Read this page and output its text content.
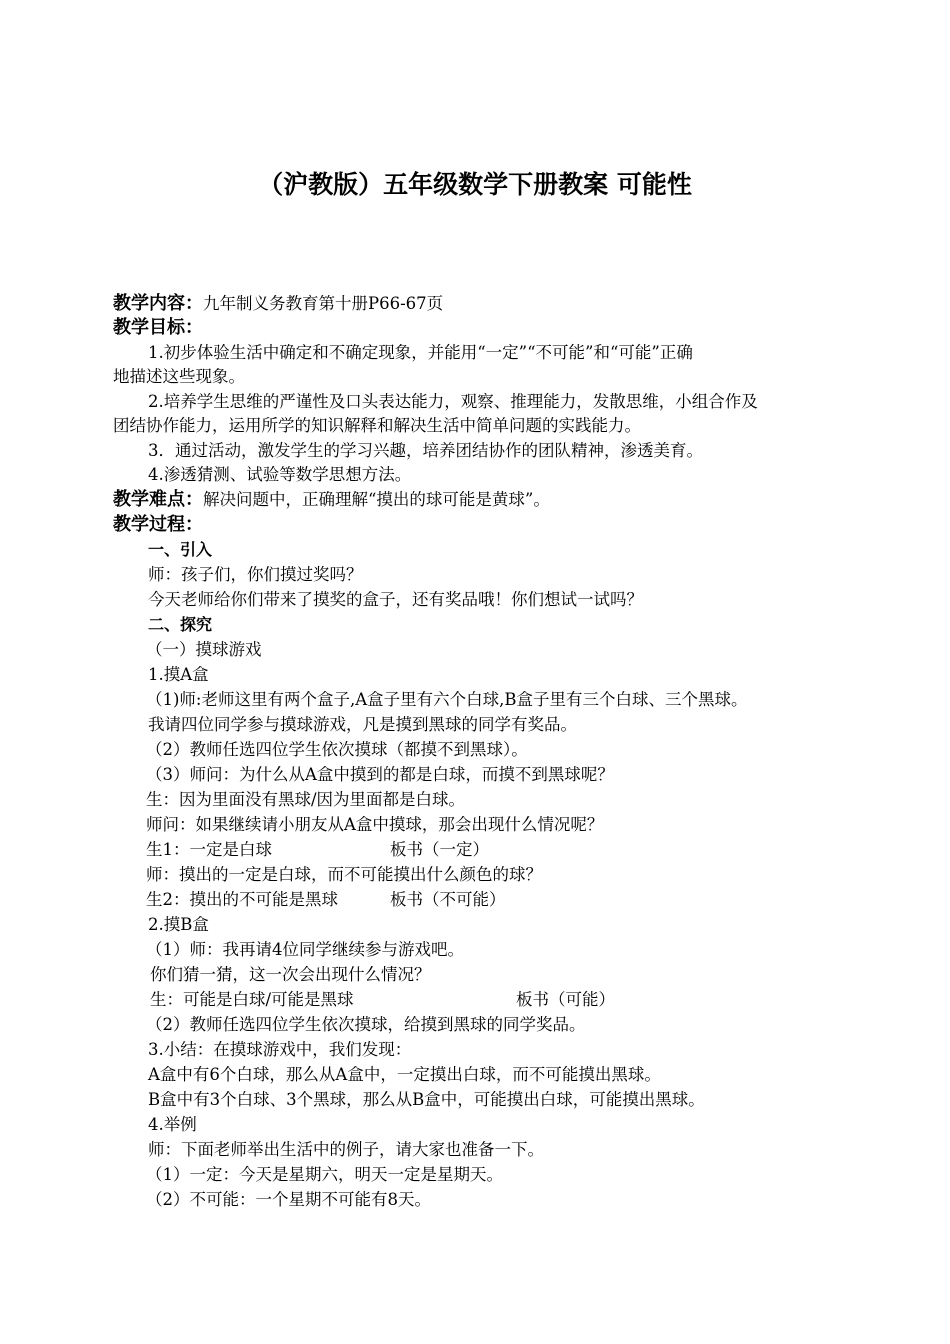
（沪教版）五年级数学下册教案 可能性
教学内容：九年制义务教育第十册P66-67页
教学目标：
1.初步体验生活中确定和不确定现象，并能用“一定”“不可能”和“可能”正确
地描述这些现象。
2.培养学生思维的严谨性及口头表达能力，观察、推理能力，发散思维，小组合作及
团结协作能力，运用所学的知识解释和解决生活中简单问题的实践能力。
3．通过活动，激发学生的学习兴趣，培养团结协作的团队精神，渗透美育。
4.渗透猜测、试验等数学思想方法。
教学难点：解决问题中，正确理解“摸出的球可能是黄球”。
教学过程：
一、引入
师：孩子们，你们摸过奖吗？
今天老师给你们带来了摸奖的盒子，还有奖品哦！你们想试一试吗？
二、探究
（一）摸球游戏
1.摸A盒
（1)师:老师这里有两个盒子,A盒子里有六个白球,B盒子里有三个白球、三个黑球。
我请四位同学参与摸球游戏，凡是摸到黑球的同学有奖品。
（2）教师任选四位学生依次摸球（都摸不到黑球）。
（3）师问：为什么从A盒中摸到的都是白球，而摸不到黑球呢？
生：因为里面没有黑球/因为里面都是白球。
师问：如果继续请小朋友从A盒中摸球，那会出现什么情况呢？
生1：一定是白球	板书（一定）
师：摸出的一定是白球，而不可能摸出什么颜色的球？
生2：摸出的不可能是黑球	板书（不可能）
2.摸B盒
（1）师：我再请4位同学继续参与游戏吧。
你们猜一猜，这一次会出现什么情况？
生：可能是白球/可能是黑球	板书（可能）
（2）教师任选四位学生依次摸球，给摸到黑球的同学奖品。
3.小结：在摸球游戏中，我们发现：
A盒中有6个白球，那么从A盒中，一定摸出白球，而不可能摸出黑球。
B盒中有3个白球、3个黑球，那么从B盒中，可能摸出白球，可能摸出黑球。
4.举例
师：下面老师举出生活中的例子，请大家也准备一下。
（1）一定：今天是星期六，明天一定是星期天。
（2）不可能：一个星期不可能有8天。
